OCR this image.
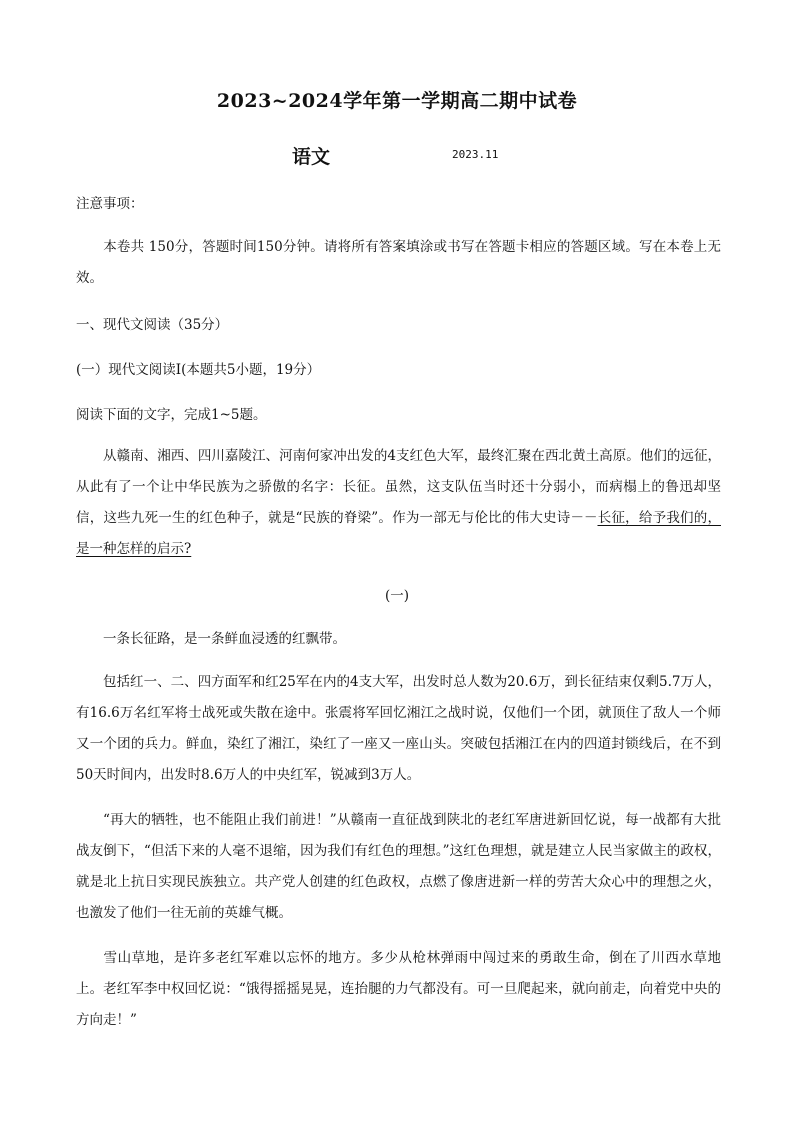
2023~2024学年第一学期高二期中试卷
语文	2023.11
注意事项：
本卷共 150分，答题时间150分钟。请将所有答案填涂或书写在答题卡相应的答题区域。写在本卷上无效。
一、现代文阅读（35分）
(一）现代文阅读Ⅰ(本题共5小题，19分）
阅读下面的文字，完成1~5题。
从赣南、湘西、四川嘉陵江、河南何家冲出发的4支红色大军，最终汇聚在西北黄土高原。他们的远征，从此有了一个让中华民族为之骄傲的名字：长征。虽然，这支队伍当时还十分弱小，而病榻上的鲁迅却坚信，这些九死一生的红色种子，就是“民族的脊梁”。作为一部无与伦比的伟大史诗－－长征，给予我们的，是一种怎样的启示?
(一)
一条长征路，是一条鲜血浸透的红飘带。
包括红一、二、四方面军和红25军在内的4支大军，出发时总人数为20.6万，到长征结束仅剩5.7万人，有16.6万名红军将士战死或失散在途中。张震将军回忆湘江之战时说，仅他们一个团，就顶住了敌人一个师又一个团的兵力。鲜血，染红了湘江，染红了一座又一座山头。突破包括湘江在内的四道封锁线后，在不到50天时间内，出发时8.6万人的中央红军，锐减到3万人。
“再大的牺牲，也不能阻止我们前进！”从赣南一直征战到陕北的老红军唐进新回忆说，每一战都有大批战友倒下，“但活下来的人毫不退缩，因为我们有红色的理想。”这红色理想，就是建立人民当家做主的政权，就是北上抗日实现民族独立。共产党人创建的红色政权，点燃了像唐进新一样的劳苦大众心中的理想之火，也激发了他们一往无前的英雄气概。
雪山草地，是许多老红军难以忘怀的地方。多少从枪林弹雨中闯过来的勇敢生命，倒在了川西水草地上。老红军李中权回忆说：“饿得摇摇晃晃，连抬腿的力气都没有。可一旦爬起来，就向前走，向着党中央的方向走！”
